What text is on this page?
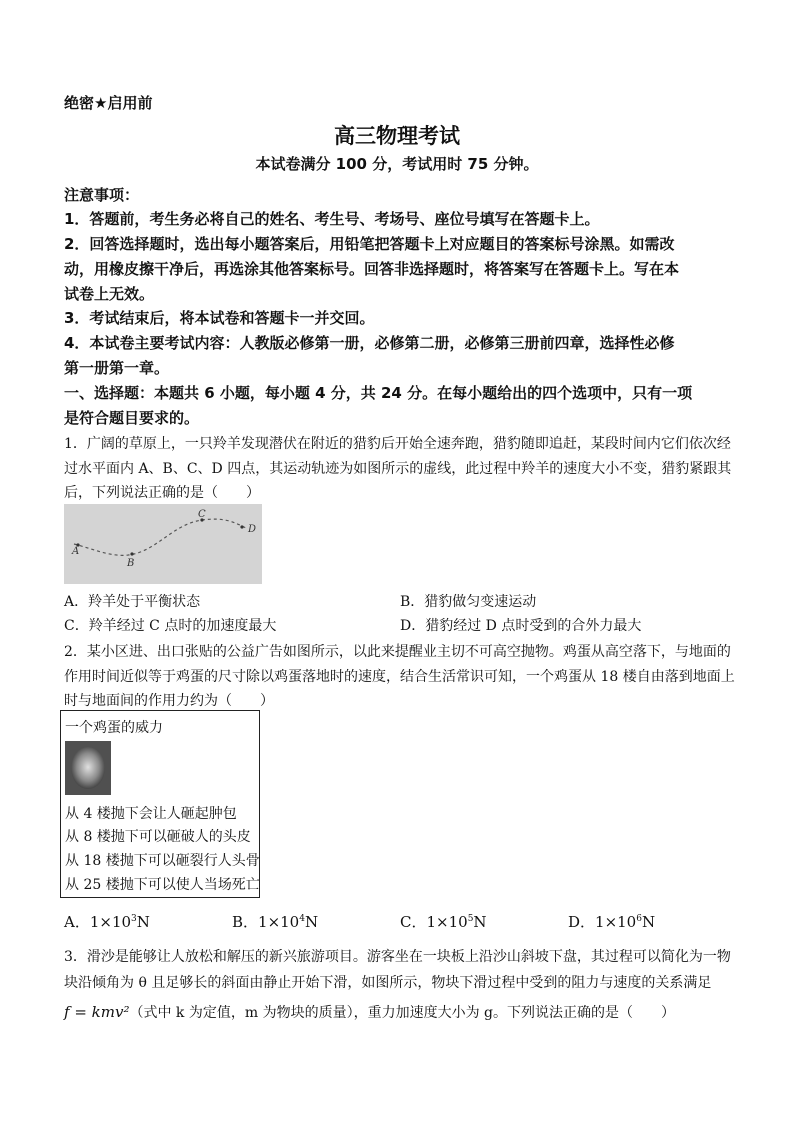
绝密★启用前
高三物理考试
本试卷满分 100 分，考试用时 75 分钟。
注意事项：
1．答题前，考生务必将自己的姓名、考生号、考场号、座位号填写在答题卡上。
2．回答选择题时，选出每小题答案后，用铅笔把答题卡上对应题目的答案标号涂黑。如需改
动，用橡皮擦干净后，再选涂其他答案标号。回答非选择题时，将答案写在答题卡上。写在本
试卷上无效。
3．考试结束后，将本试卷和答题卡一并交回。
4．本试卷主要考试内容：人教版必修第一册，必修第二册，必修第三册前四章，选择性必修
第一册第一章。
一、选择题：本题共 6 小题，每小题 4 分，共 24 分。在每小题给出的四个选项中，只有一项
是符合题目要求的。
1．广阔的草原上，一只羚羊发现潜伏在附近的猎豹后开始全速奔跑，猎豹随即追赶，某段时间内它们依次经
过水平面内 A、B、C、D 四点，其运动轨迹为如图所示的虚线，此过程中羚羊的速度大小不变，猎豹紧跟其
后，下列说法正确的是（　　）
A
B
C
D
A．羚羊处于平衡状态	B．猎豹做匀变速运动
C．羚羊经过 C 点时的加速度最大	D．猎豹经过 D 点时受到的合外力最大
2．某小区进、出口张贴的公益广告如图所示，以此来提醒业主切不可高空抛物。鸡蛋从高空落下，与地面的
作用时间近似等于鸡蛋的尺寸除以鸡蛋落地时的速度，结合生活常识可知，一个鸡蛋从 18 楼自由落到地面上
时与地面间的作用力约为（　　）
一个鸡蛋的威力
从 4 楼抛下会让人砸起肿包
从 8 楼抛下可以砸破人的头皮
从 18 楼抛下可以砸裂行人头骨
从 25 楼抛下可以使人当场死亡
A．$1\times 10^3N$	B．$1\times 10^4N$	C．$1\times 10^5N$	D．$1\times 10^6N$
3．滑沙是能够让人放松和解压的新兴旅游项目。游客坐在一块板上沿沙山斜坡下盘，其过程可以简化为一物
块沿倾角为 θ 且足够长的斜面由静止开始下滑，如图所示，物块下滑过程中受到的阻力与速度的关系满足
f = kmv²（式中 k 为定值，m 为物块的质量），重力加速度大小为 g。下列说法正确的是（　　）
